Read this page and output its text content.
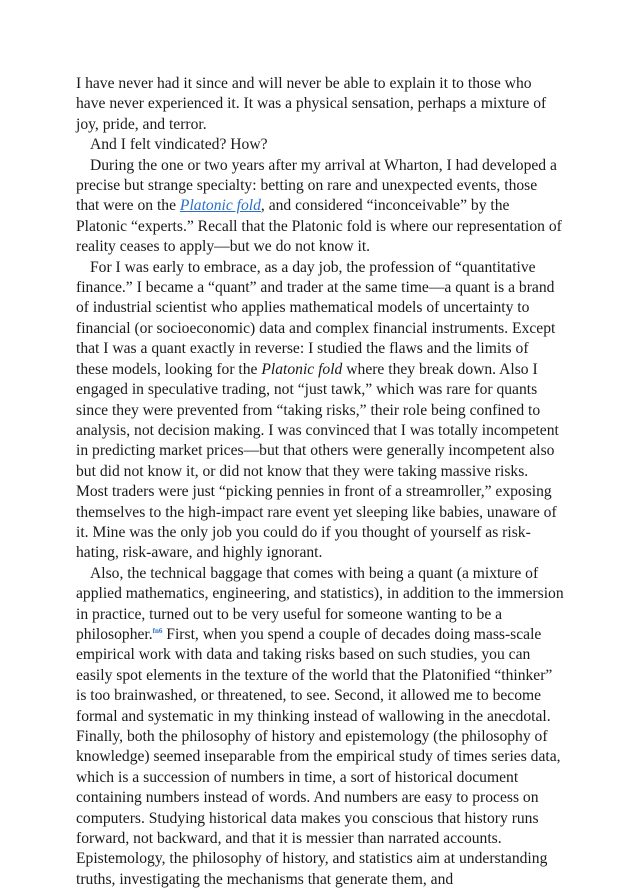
I have never had it since and will never be able to explain it to those who have never experienced it. It was a physical sensation, perhaps a mixture of joy, pride, and terror.

And I felt vindicated? How?

During the one or two years after my arrival at Wharton, I had developed a precise but strange specialty: betting on rare and unexpected events, those that were on the Platonic fold, and considered “inconceivable” by the Platonic “experts.” Recall that the Platonic fold is where our representation of reality ceases to apply—but we do not know it.

For I was early to embrace, as a day job, the profession of “quantitative finance.” I became a “quant” and trader at the same time—a quant is a brand of industrial scientist who applies mathematical models of uncertainty to financial (or socioeconomic) data and complex financial instruments. Except that I was a quant exactly in reverse: I studied the flaws and the limits of these models, looking for the Platonic fold where they break down. Also I engaged in speculative trading, not “just tawk,” which was rare for quants since they were prevented from “taking risks,” their role being confined to analysis, not decision making. I was convinced that I was totally incompetent in predicting market prices—but that others were generally incompetent also but did not know it, or did not know that they were taking massive risks. Most traders were just “picking pennies in front of a streamroller,” exposing themselves to the high-impact rare event yet sleeping like babies, unaware of it. Mine was the only job you could do if you thought of yourself as risk-hating, risk-aware, and highly ignorant.

Also, the technical baggage that comes with being a quant (a mixture of applied mathematics, engineering, and statistics), in addition to the immersion in practice, turned out to be very useful for someone wanting to be a philosopher.$^{fn6}$ First, when you spend a couple of decades doing mass-scale empirical work with data and taking risks based on such studies, you can easily spot elements in the texture of the world that the Platonified “thinker” is too brainwashed, or threatened, to see. Second, it allowed me to become formal and systematic in my thinking instead of wallowing in the anecdotal. Finally, both the philosophy of history and epistemology (the philosophy of knowledge) seemed inseparable from the empirical study of times series data, which is a succession of numbers in time, a sort of historical document containing numbers instead of words. And numbers are easy to process on computers. Studying historical data makes you conscious that history runs forward, not backward, and that it is messier than narrated accounts. Epistemology, the philosophy of history, and statistics aim at understanding truths, investigating the mechanisms that generate them, and
